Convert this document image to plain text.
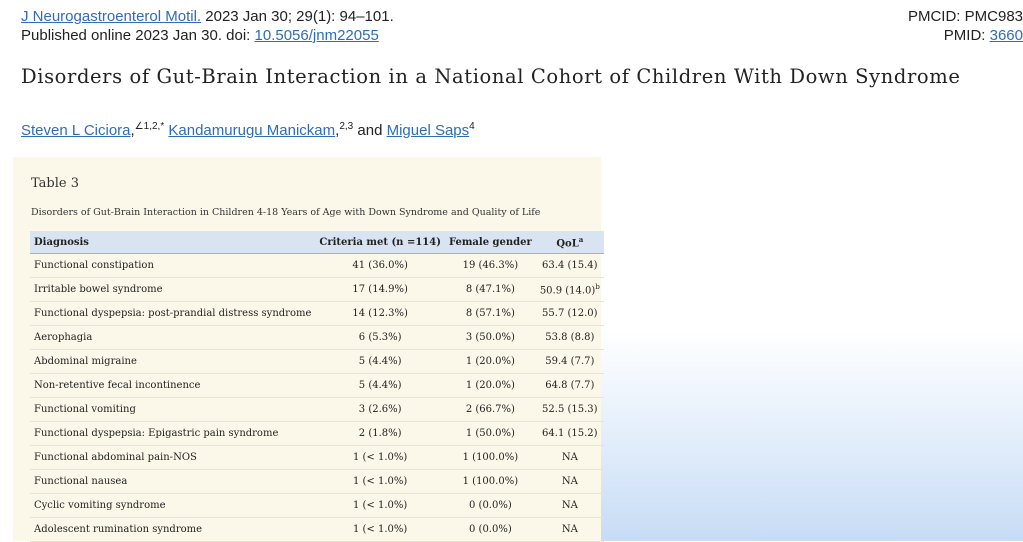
J Neurogastroenterol Motil. 2023 Jan 30; 29(1): 94–101.
Published online 2023 Jan 30. doi: 10.5056/jnm22055
PMCID: PMC983
PMID: 3660
Disorders of Gut-Brain Interaction in a National Cohort of Children With Down Syndrome
Steven L Ciciora,$^{\angle 1,2,*}$ Kandamurugu Manickam,$^{2,3}$ and Miguel Saps$^4$
Table 3
Disorders of Gut-Brain Interaction in Children 4-18 Years of Age with Down Syndrome and Quality of Life
Diagnosis	Criteria met (n =114)	Female gender	QoL$^a$
Functional constipation	41 (36.0%)	19 (46.3%)	63.4 (15.4)
Irritable bowel syndrome	17 (14.9%)	8 (47.1%)	50.9 $(14.0)^b$
Functional dyspepsia: post-prandial distress syndrome	14 (12.3%)	8 (57.1%)	55.7 (12.0)
Aerophagia	6 (5.3%)	3 (50.0%)	53.8 (8.8)
Abdominal migraine	5 (4.4%)	1 (20.0%)	59.4 (7.7)
Non-retentive fecal incontinence	5 (4.4%)	1 (20.0%)	64.8 (7.7)
Functional vomiting	3 (2.6%)	2 (66.7%)	52.5 (15.3)
Functional dyspepsia: Epigastric pain syndrome	2 (1.8%)	1 (50.0%)	64.1 (15.2)
Functional abdominal pain-NOS	1 (< 1.0%)	1 (100.0%)	NA
Functional nausea	1 (< 1.0%)	1 (100.0%)	NA
Cyclic vomiting syndrome	1 (< 1.0%)	0 (0.0%)	NA
Adolescent rumination syndrome	1 (< 1.0%)	0 (0.0%)	NA
